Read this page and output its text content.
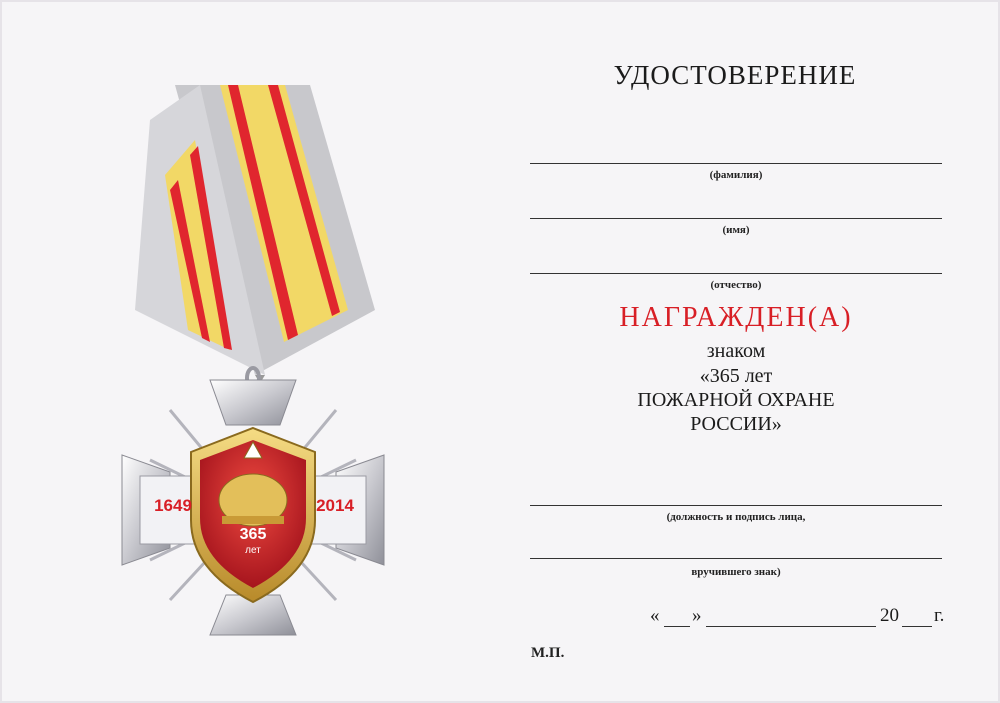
1649	2014
365
лет
УДОСТОВЕРЕНИЕ
(фамилия)
(имя)
(отчество)
НАГРАЖДЕН(А)
знаком
«365 лет
ПОЖАРНОЙ ОХРАНЕ
РОССИИ»
(должность и подпись лица,
вручившего знак)
« »	20 г.
М.П.
